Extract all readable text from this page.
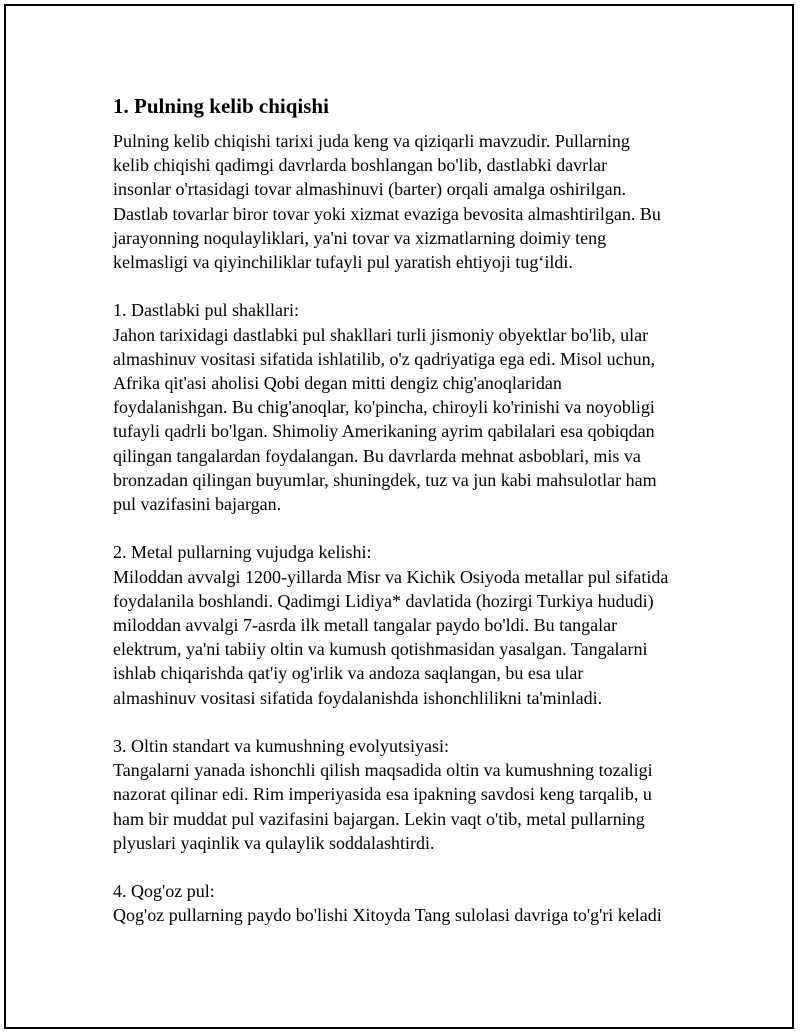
1. Pulning kelib chiqishi

Pulning kelib chiqishi tarixi juda keng va qiziqarli mavzudir. Pullarning

kelib chiqishi qadimgi davrlarda boshlangan bo'lib, dastlabki davrlar

insonlar o'rtasidagi tovar almashinuvi (barter) orqali amalga oshirilgan.

Dastlab tovarlar biror tovar yoki xizmat evaziga bevosita almashtirilgan. Bu

jarayonning noqulayliklari, ya'ni tovar va xizmatlarning doimiy teng

kelmasligi va qiyinchiliklar tufayli pul yaratish ehtiyoji tug‘ildi.

1. Dastlabki pul shakllari:

Jahon tarixidagi dastlabki pul shakllari turli jismoniy obyektlar bo'lib, ular

almashinuv vositasi sifatida ishlatilib, o'z qadriyatiga ega edi. Misol uchun,

Afrika qit'asi aholisi Qobi degan mitti dengiz chig'anoqlaridan

foydalanishgan. Bu chig'anoqlar, ko'pincha, chiroyli ko'rinishi va noyobligi

tufayli qadrli bo'lgan. Shimoliy Amerikaning ayrim qabilalari esa qobiqdan

qilingan tangalardan foydalangan. Bu davrlarda mehnat asboblari, mis va

bronzadan qilingan buyumlar, shuningdek, tuz va jun kabi mahsulotlar ham

pul vazifasini bajargan.

2. Metal pullarning vujudga kelishi:

Miloddan avvalgi 1200-yillarda Misr va Kichik Osiyoda metallar pul sifatida

foydalanila boshlandi. Qadimgi Lidiya* davlatida (hozirgi Turkiya hududi)

miloddan avvalgi 7-asrda ilk metall tangalar paydo bo'ldi. Bu tangalar

elektrum, ya'ni tabiiy oltin va kumush qotishmasidan yasalgan. Tangalarni

ishlab chiqarishda qat'iy og'irlik va andoza saqlangan, bu esa ular

almashinuv vositasi sifatida foydalanishda ishonchlilikni ta'minladi.

3. Oltin standart va kumushning evolyutsiyasi:

Tangalarni yanada ishonchli qilish maqsadida oltin va kumushning tozaligi

nazorat qilinar edi. Rim imperiyasida esa ipakning savdosi keng tarqalib, u

ham bir muddat pul vazifasini bajargan. Lekin vaqt o'tib, metal pullarning

plyuslari yaqinlik va qulaylik soddalashtirdi.

4. Qog'oz pul:

Qog'oz pullarning paydo bo'lishi Xitoyda Tang sulolasi davriga to'g'ri keladi
